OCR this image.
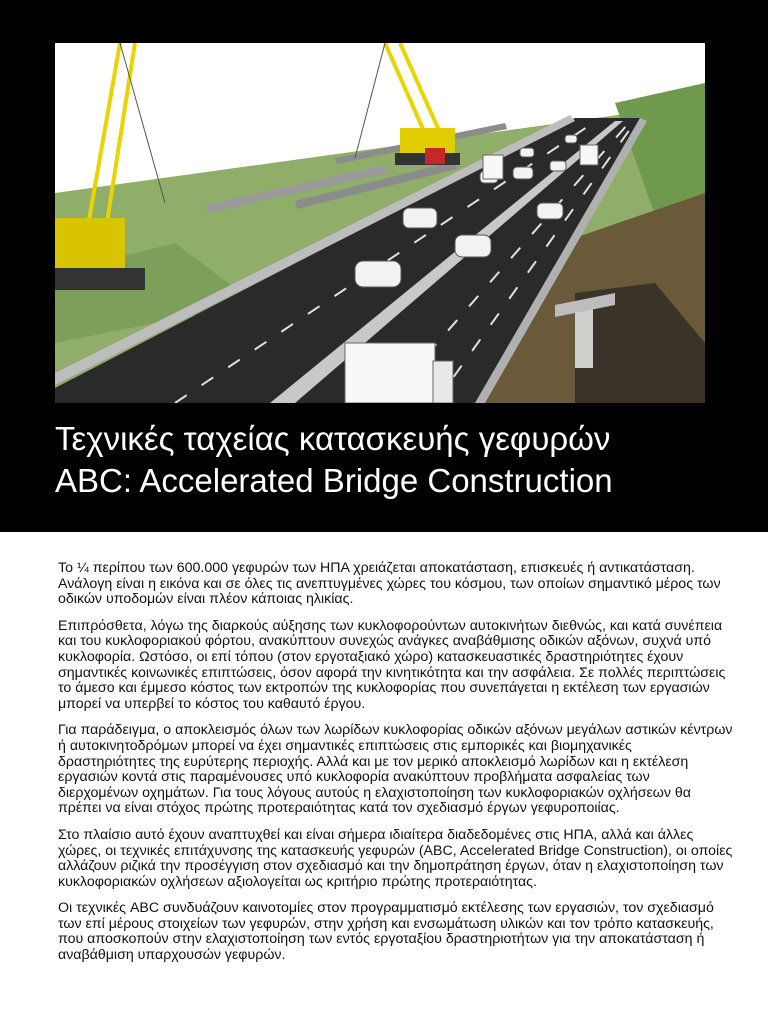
Τεχνικές ταχείας κατασκευής γεφυρών
ABC: Accelerated Bridge Construction

Το ¼ περίπου των 600.000 γεφυρών των ΗΠΑ χρειάζεται αποκατάσταση, επισκευές ή αντικατάσταση. Ανάλογη είναι η εικόνα και σε όλες τις ανεπτυγμένες χώρες του κόσμου, των οποίων σημαντικό μέρος των οδικών υποδομών είναι πλέον κάποιας ηλικίας.

Επιπρόσθετα, λόγω της διαρκούς αύξησης των κυκλοφορούντων αυτοκινήτων διεθνώς, και κατά συνέπεια και του κυκλοφοριακού φόρτου, ανακύπτουν συνεχώς ανάγκες αναβάθμισης οδικών αξόνων, συχνά υπό κυκλοφορία. Ωστόσο, οι επί τόπου (στον εργοταξιακό χώρο) κατασκευαστικές δραστηριότητες έχουν σημαντικές κοινωνικές επιπτώσεις, όσον αφορά την κινητικότητα και την ασφάλεια. Σε πολλές περιπτώσεις το άμεσο και έμμεσο κόστος των εκτροπών της κυκλοφορίας που συνεπάγεται η εκτέλεση των εργασιών μπορεί να υπερβεί το κόστος του καθαυτό έργου.

Για παράδειγμα, ο αποκλεισμός όλων των λωρίδων κυκλοφορίας οδικών αξόνων μεγάλων αστικών κέντρων ή αυτοκινητοδρόμων μπορεί να έχει σημαντικές επιπτώσεις στις εμπορικές και βιομηχανικές δραστηριότητες της ευρύτερης περιοχής. Αλλά και με τον μερικό αποκλεισμό λωρίδων και η εκτέλεση εργασιών κοντά στις παραμένουσες υπό κυκλοφορία ανακύπτουν προβλήματα ασφαλείας των διερχομένων οχημάτων. Για τους λόγους αυτούς η ελαχιστοποίηση των κυκλοφοριακών οχλήσεων θα πρέπει να είναι στόχος πρώτης προτεραιότητας κατά τον σχεδιασμό έργων γεφυροποιίας.

Στο πλαίσιο αυτό έχουν αναπτυχθεί και είναι σήμερα ιδιαίτερα διαδεδομένες στις ΗΠΑ, αλλά και άλλες χώρες, οι τεχνικές επιτάχυνσης της κατασκευής γεφυρών (ABC, Accelerated Bridge Construction), οι οποίες αλλάζουν ριζικά την προσέγγιση στον σχεδιασμό και την δημοπράτηση έργων, όταν η ελαχιστοποίηση των κυκλοφοριακών οχλήσεων αξιολογείται ως κριτήριο πρώτης προτεραιότητας.

Οι τεχνικές ABC συνδυάζουν καινοτομίες στον προγραμματισμό εκτέλεσης των εργασιών, τον σχεδιασμό των επί μέρους στοιχείων των γεφυρών, στην χρήση και ενσωμάτωση υλικών και τον τρόπο κατασκευής, που αποσκοπούν στην ελαχιστοποίηση των εντός εργοταξίου δραστηριοτήτων για την αποκατάσταση ή αναβάθμιση υπαρχουσών γεφυρών.
